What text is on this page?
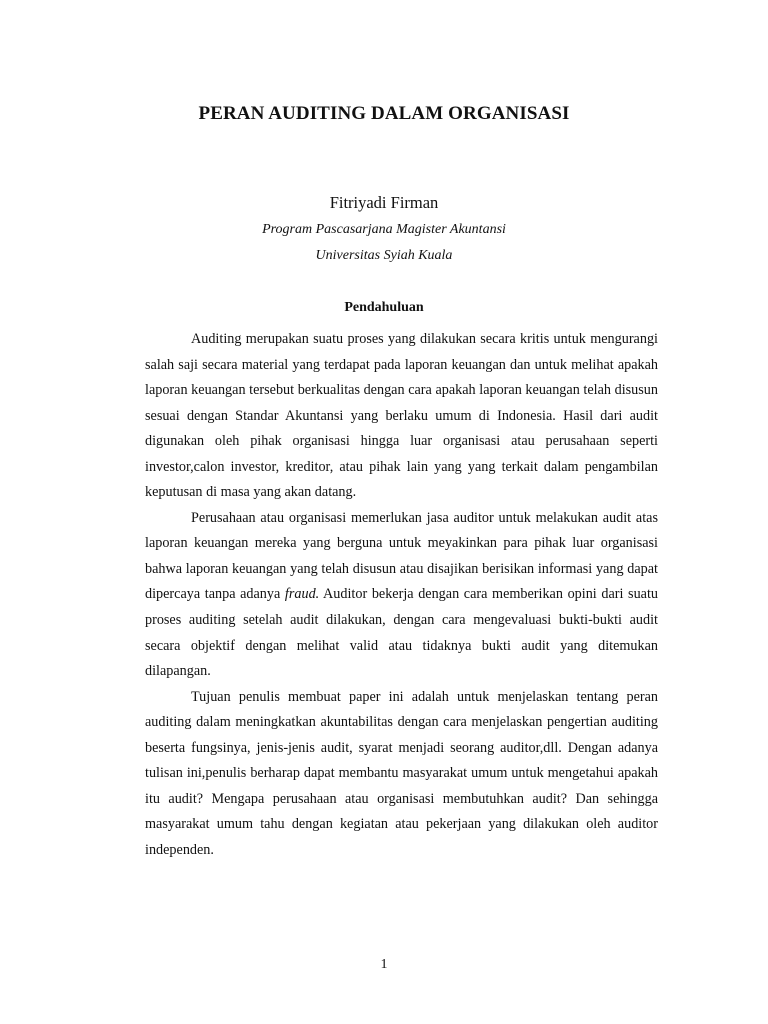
PERAN AUDITING DALAM ORGANISASI
Fitriyadi Firman
Program Pascasarjana Magister Akuntansi
Universitas Syiah Kuala
Pendahuluan

Auditing merupakan suatu proses yang dilakukan secara kritis untuk mengurangi salah saji secara material yang terdapat pada laporan keuangan dan untuk melihat apakah laporan keuangan tersebut berkualitas dengan cara apakah laporan keuangan telah disusun sesuai dengan Standar Akuntansi yang berlaku umum di Indonesia. Hasil dari audit digunakan oleh pihak organisasi hingga luar organisasi atau perusahaan seperti investor,calon investor, kreditor, atau pihak lain yang yang terkait dalam pengambilan keputusan di masa yang akan datang.

Perusahaan atau organisasi memerlukan jasa auditor untuk melakukan audit atas laporan keuangan mereka yang berguna untuk meyakinkan para pihak luar organisasi bahwa laporan keuangan yang telah disusun atau disajikan berisikan informasi yang dapat dipercaya tanpa adanya fraud. Auditor bekerja dengan cara memberikan opini dari suatu proses auditing setelah audit dilakukan, dengan cara mengevaluasi bukti-bukti audit secara objektif dengan melihat valid atau tidaknya bukti audit yang ditemukan dilapangan.

Tujuan penulis membuat paper ini adalah untuk menjelaskan tentang peran auditing dalam meningkatkan akuntabilitas dengan cara menjelaskan pengertian auditing beserta fungsinya, jenis-jenis audit, syarat menjadi seorang auditor,dll. Dengan adanya tulisan ini,penulis berharap dapat membantu masyarakat umum untuk mengetahui apakah itu audit? Mengapa perusahaan atau organisasi membutuhkan audit? Dan sehingga masyarakat umum tahu dengan kegiatan atau pekerjaan yang dilakukan oleh auditor independen.

1
